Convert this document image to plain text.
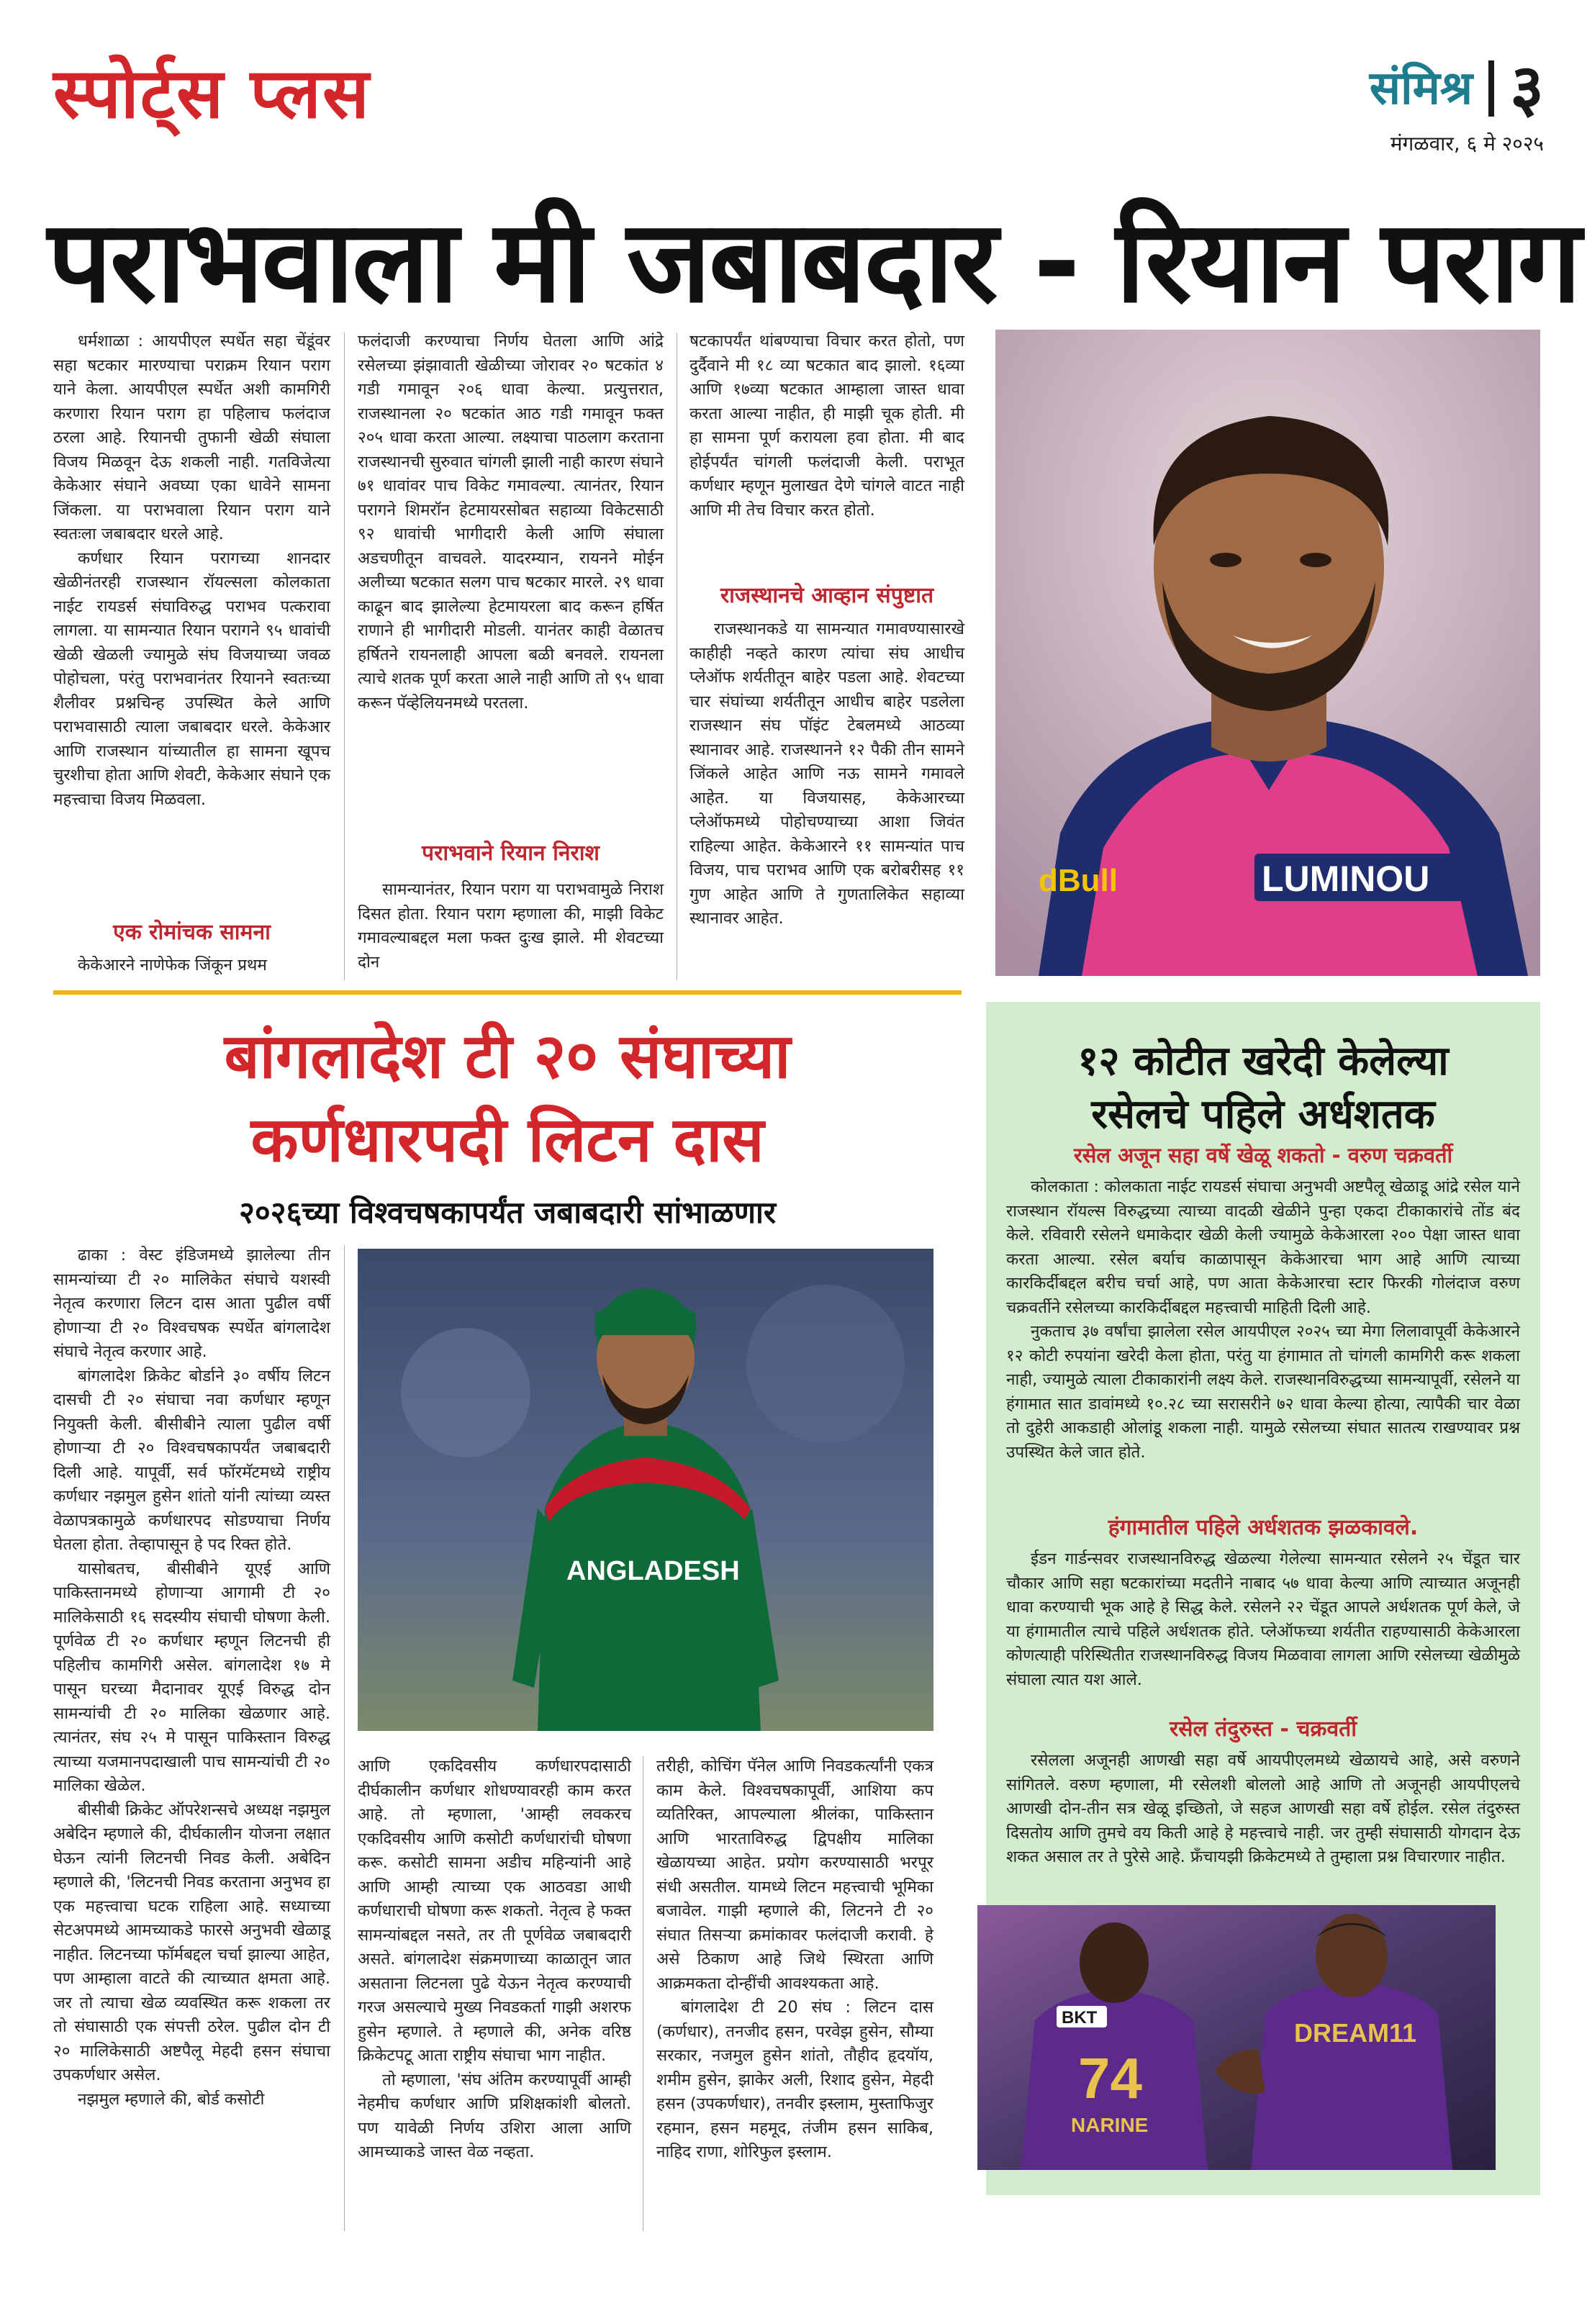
स्पोर्ट्स प्लस	संमिश्र ३
मंगळवार, ६ मे २०२५
पराभवाला मी जबाबदार - रियान पराग

धर्मशाळा : आयपीएल स्पर्धेत सहा चेंडूंवर सहा षटकार मारण्याचा पराक्रम रियान पराग याने केला. आयपीएल स्पर्धेत अशी कामगिरी करणारा रियान पराग हा पहिलाच फलंदाज ठरला आहे. रियानची तुफानी खेळी संघाला विजय मिळवून देऊ शकली नाही. गतविजेत्या केकेआर संघाने अवघ्या एका धावेने सामना जिंकला. या पराभवाला रियान पराग याने स्वतःला जबाबदार धरले आहे.

कर्णधार रियान परागच्या शानदार खेळीनंतरही राजस्थान रॉयल्सला कोलकाता नाईट रायडर्स संघाविरुद्ध पराभव पत्करावा लागला. या सामन्यात रियान परागने ९५ धावांची खेळी खेळली ज्यामुळे संघ विजयाच्या जवळ पोहोचला, परंतु पराभवानंतर रियानने स्वतःच्या शैलीवर प्रश्नचिन्ह उपस्थित केले आणि पराभवासाठी त्याला जबाबदार धरले. केकेआर आणि राजस्थान यांच्यातील हा सामना खूपच चुरशीचा होता आणि शेवटी, केकेआर संघाने एक महत्त्वाचा विजय मिळवला.

एक रोमांचक सामना
केकेआरने नाणेफेक जिंकून प्रथम
फलंदाजी करण्याचा निर्णय घेतला आणि आंद्रे रसेलच्या झंझावाती खेळीच्या जोरावर २० षटकांत ४ गडी गमावून २०६ धावा केल्या. प्रत्युत्तरात, राजस्थानला २० षटकांत आठ गडी गमावून फक्त २०५ धावा करता आल्या. लक्ष्याचा पाठलाग करताना राजस्थानची सुरुवात चांगली झाली नाही कारण संघाने ७१ धावांवर पाच विकेट गमावल्या. त्यानंतर, रियान परागने शिमरॉन हेटमायरसोबत सहाव्या विकेटसाठी ९२ धावांची भागीदारी केली आणि संघाला अडचणीतून वाचवले. यादरम्यान, रायनने मोईन अलीच्या षटकात सलग पाच षटकार मारले. २९ धावा काढून बाद झालेल्या हेटमायरला बाद करून हर्षित राणाने ही भागीदारी मोडली. यानंतर काही वेळातच हर्षितने रायनलाही आपला बळी बनवले. रायनला त्याचे शतक पूर्ण करता आले नाही आणि तो ९५ धावा करून पॅव्हेलियनमध्ये परतला.
पराभवाने रियान निराश
सामन्यानंतर, रियान पराग या पराभवामुळे निराश दिसत होता. रियान पराग म्हणाला की, माझी विकेट गमावल्याबद्दल मला फक्त दुःख झाले. मी शेवटच्या दोन
षटकापर्यंत थांबण्याचा विचार करत होतो, पण दुर्दैवाने मी १८ व्या षटकात बाद झालो. १६व्या आणि १७व्या षटकात आम्हाला जास्त धावा करता आल्या नाहीत, ही माझी चूक होती. मी हा सामना पूर्ण करायला हवा होता. मी बाद होईपर्यंत चांगली फलंदाजी केली. पराभूत कर्णधार म्हणून मुलाखत देणे चांगले वाटत नाही आणि मी तेच विचार करत होतो.
राजस्थानचे आव्हान संपुष्टात
राजस्थानकडे या सामन्यात गमावण्यासारखे काहीही नव्हते कारण त्यांचा संघ आधीच प्लेऑफ शर्यतीतून बाहेर पडला आहे. शेवटच्या चार संघांच्या शर्यतीतून आधीच बाहेर पडलेला राजस्थान संघ पॉइंट टेबलमध्ये आठव्या स्थानावर आहे. राजस्थानने १२ पैकी तीन सामने जिंकले आहेत आणि नऊ सामने गमावले आहेत. या विजयासह, केकेआरच्या प्लेऑफमध्ये पोहोचण्याच्या आशा जिवंत राहिल्या आहेत. केकेआरने ११ सामन्यांत पाच विजय, पाच पराभव आणि एक बरोबरीसह ११ गुण आहेत आणि ते गुणतालिकेत सहाव्या स्थानावर आहेत.
LUMINOU
dBull
बांगलादेश टी २० संघाच्या
कर्णधारपदी लिटन दास
२०२६च्या विश्वचषकापर्यंत जबाबदारी सांभाळणार

ढाका : वेस्ट इंडिजमध्ये झालेल्या तीन सामन्यांच्या टी २० मालिकेत संघाचे यशस्वी नेतृत्व करणारा लिटन दास आता पुढील वर्षी होणाऱ्या टी २० विश्वचषक स्पर्धेत बांगलादेश संघाचे नेतृत्व करणार आहे.

बांगलादेश क्रिकेट बोर्डाने ३० वर्षीय लिटन दासची टी २० संघाचा नवा कर्णधार म्हणून नियुक्ती केली. बीसीबीने त्याला पुढील वर्षी होणाऱ्या टी २० विश्वचषकापर्यंत जबाबदारी दिली आहे. यापूर्वी, सर्व फॉरमॅटमध्ये राष्ट्रीय कर्णधार नझमुल हुसेन शांतो यांनी त्यांच्या व्यस्त वेळापत्रकामुळे कर्णधारपद सोडण्याचा निर्णय घेतला होता. तेव्हापासून हे पद रिक्त होते.

यासोबतच, बीसीबीने यूएई आणि पाकिस्तानमध्ये होणाऱ्या आगामी टी २० मालिकेसाठी १६ सदस्यीय संघाची घोषणा केली. पूर्णवेळ टी २० कर्णधार म्हणून लिटनची ही पहिलीच कामगिरी असेल. बांगलादेश १७ मे पासून घरच्या मैदानावर यूएई विरुद्ध दोन सामन्यांची टी २० मालिका खेळणार आहे. त्यानंतर, संघ २५ मे पासून पाकिस्तान विरुद्ध त्याच्या यजमानपदाखाली पाच सामन्यांची टी २० मालिका खेळेल.

बीसीबी क्रिकेट ऑपरेशन्सचे अध्यक्ष नझमुल अबेदिन म्हणाले की, दीर्घकालीन योजना लक्षात घेऊन त्यांनी लिटनची निवड केली. अबेदिन म्हणाले की, 'लिटनची निवड करताना अनुभव हा एक महत्त्वाचा घटक राहिला आहे. सध्याच्या सेटअपमध्ये आमच्याकडे फारसे अनुभवी खेळाडू नाहीत. लिटनच्या फॉर्मबद्दल चर्चा झाल्या आहेत, पण आम्हाला वाटते की त्याच्यात क्षमता आहे. जर तो त्याचा खेळ व्यवस्थित करू शकला तर तो संघासाठी एक संपत्ती ठरेल. पुढील दोन टी २० मालिकेसाठी अष्टपैलू मेहदी हसन संघाचा उपकर्णधार असेल.

नझमुल म्हणाले की, बोर्ड कसोटी

ANGLADESH

आणि एकदिवसीय कर्णधारपदासाठी दीर्घकालीन कर्णधार शोधण्यावरही काम करत आहे. तो म्हणाला, 'आम्ही लवकरच एकदिवसीय आणि कसोटी कर्णधारांची घोषणा करू. कसोटी सामना अडीच महिन्यांनी आहे आणि आम्ही त्याच्या एक आठवडा आधी कर्णधाराची घोषणा करू शकतो. नेतृत्व हे फक्त सामन्यांबद्दल नसते, तर ती पूर्णवेळ जबाबदारी असते. बांगलादेश संक्रमणाच्या काळातून जात असताना लिटनला पुढे येऊन नेतृत्व करण्याची गरज असल्याचे मुख्य निवडकर्ता गाझी अशरफ हुसेन म्हणाले. ते म्हणाले की, अनेक वरिष्ठ क्रिकेटपटू आता राष्ट्रीय संघाचा भाग नाहीत.

तो म्हणाला, 'संघ अंतिम करण्यापूर्वी आम्ही नेहमीच कर्णधार आणि प्रशिक्षकांशी बोलतो. पण यावेळी निर्णय उशिरा आला आणि आमच्याकडे जास्त वेळ नव्हता.

तरीही, कोचिंग पॅनेल आणि निवडकर्त्यांनी एकत्र काम केले. विश्वचषकापूर्वी, आशिया कप व्यतिरिक्त, आपल्याला श्रीलंका, पाकिस्तान आणि भारताविरुद्ध द्विपक्षीय मालिका खेळायच्या आहेत. प्रयोग करण्यासाठी भरपूर संधी असतील. यामध्ये लिटन महत्त्वाची भूमिका बजावेल. गाझी म्हणाले की, लिटनने टी २० संघात तिसऱ्या क्रमांकावर फलंदाजी करावी. हे असे ठिकाण आहे जिथे स्थिरता आणि आक्रमकता दोन्हींची आवश्यकता आहे.

बांगलादेश टी 20 संघ : लिटन दास (कर्णधार), तनजीद हसन, परवेझ हुसेन, सौम्या सरकार, नजमुल हुसेन शांतो, तौहीद हृदयॉय, शमीम हुसेन, झाकेर अली, रिशाद हुसेन, मेहदी हसन (उपकर्णधार), तनवीर इस्लाम, मुस्ताफिजुर रहमान, हसन महमूद, तंजीम हसन साकिब, नाहिद राणा, शोरिफुल इस्लाम.

१२ कोटीत खरेदी केलेल्या
रसेलचे पहिले अर्धशतक
रसेल अजून सहा वर्षे खेळू शकतो - वरुण चक्रवर्ती

कोलकाता : कोलकाता नाईट रायडर्स संघाचा अनुभवी अष्टपैलू खेळाडू आंद्रे रसेल याने राजस्थान रॉयल्स विरुद्धच्या त्याच्या वादळी खेळीने पुन्हा एकदा टीकाकारांचे तोंड बंद केले. रविवारी रसेलने धमाकेदार खेळी केली ज्यामुळे केकेआरला २०० पेक्षा जास्त धावा करता आल्या. रसेल बर्याच काळापासून केकेआरचा भाग आहे आणि त्याच्या कारकिर्दीबद्दल बरीच चर्चा आहे, पण आता केकेआरचा स्टार फिरकी गोलंदाज वरुण चक्रवर्तीने रसेलच्या कारकिर्दीबद्दल महत्त्वाची माहिती दिली आहे.

नुकताच ३७ वर्षांचा झालेला रसेल आयपीएल २०२५ च्या मेगा लिलावापूर्वी केकेआरने १२ कोटी रुपयांना खरेदी केला होता, परंतु या हंगामात तो चांगली कामगिरी करू शकला नाही, ज्यामुळे त्याला टीकाकारांनी लक्ष्य केले. राजस्थानविरुद्धच्या सामन्यापूर्वी, रसेलने या हंगामात सात डावांमध्ये १०.२८ च्या सरासरीने ७२ धावा केल्या होत्या, त्यापैकी चार वेळा तो दुहेरी आकडाही ओलांडू शकला नाही. यामुळे रसेलच्या संघात सातत्य राखण्यावर प्रश्न उपस्थित केले जात होते.

हंगामातील पहिले अर्धशतक झळकावले.

ईडन गार्डन्सवर राजस्थानविरुद्ध खेळल्या गेलेल्या सामन्यात रसेलने २५ चेंडूत चार चौकार आणि सहा षटकारांच्या मदतीने नाबाद ५७ धावा केल्या आणि त्याच्यात अजूनही धावा करण्याची भूक आहे हे सिद्ध केले. रसेलने २२ चेंडूत आपले अर्धशतक पूर्ण केले, जे या हंगामातील त्याचे पहिले अर्धशतक होते. प्लेऑफच्या शर्यतीत राहण्यासाठी केकेआरला कोणत्याही परिस्थितीत राजस्थानविरुद्ध विजय मिळवावा लागला आणि रसेलच्या खेळीमुळे संघाला त्यात यश आले.

रसेल तंदुरुस्त - चक्रवर्ती

रसेलला अजूनही आणखी सहा वर्षे आयपीएलमध्ये खेळायचे आहे, असे वरुणने सांगितले. वरुण म्हणाला, मी रसेलशी बोललो आहे आणि तो अजूनही आयपीएलचे आणखी दोन-तीन सत्र खेळू इच्छितो, जे सहज आणखी सहा वर्षे होईल. रसेल तंदुरुस्त दिसतोय आणि तुमचे वय किती आहे हे महत्त्वाचे नाही. जर तुम्ही संघासाठी योगदान देऊ शकत असाल तर ते पुरेसे आहे. फ्रँचायझी क्रिकेटमध्ये ते तुम्हाला प्रश्न विचारणार नाहीत.

BKT
74
NARINE
DREAM11
